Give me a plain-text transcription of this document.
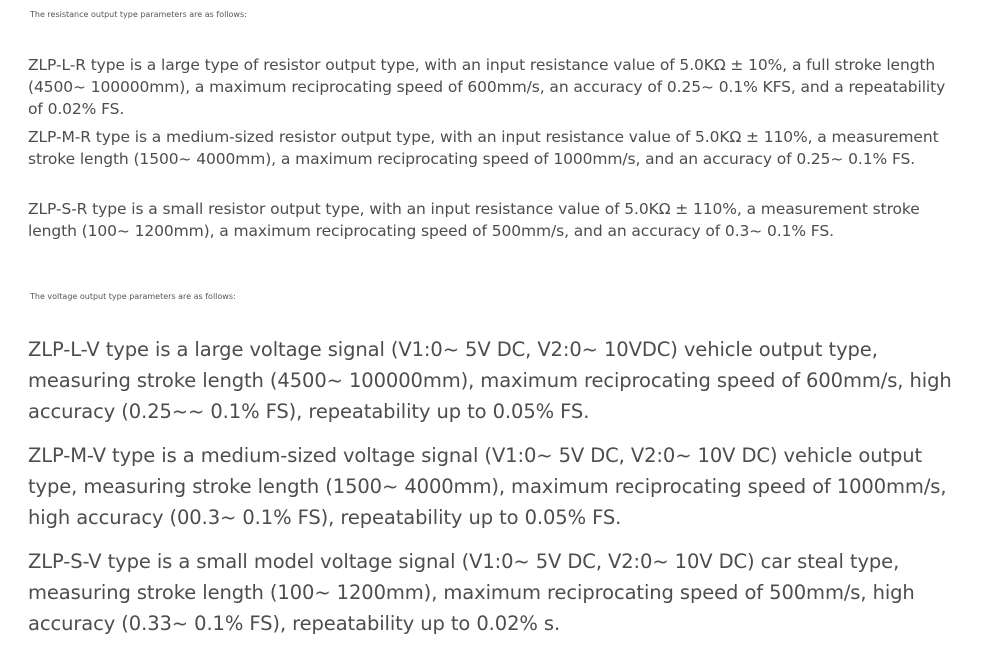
The resistance output type parameters are as follows:

ZLP-L-R type is a large type of resistor output type, with an input resistance value of 5.0KΩ ± 10%, a full stroke length (4500~ 100000mm), a maximum reciprocating speed of 600mm/s, an accuracy of 0.25~ 0.1% KFS, and a repeatability of 0.02% FS.

ZLP-M-R type is a medium-sized resistor output type, with an input resistance value of 5.0KΩ ± 110%, a measurement stroke length (1500~ 4000mm), a maximum reciprocating speed of 1000mm/s, and an accuracy of 0.25~ 0.1% FS.

ZLP-S-R type is a small resistor output type, with an input resistance value of 5.0KΩ ± 110%, a measurement stroke length (100~ 1200mm), a maximum reciprocating speed of 500mm/s, and an accuracy of 0.3~ 0.1% FS.

The voltage output type parameters are as follows:

ZLP-L-V type is a large voltage signal (V1:0~ 5V DC, V2:0~ 10VDC) vehicle output type, measuring stroke length (4500~ 100000mm), maximum reciprocating speed of 600mm/s, high accuracy (0.25~~ 0.1% FS), repeatability up to 0.05% FS.

ZLP-M-V type is a medium-sized voltage signal (V1:0~ 5V DC, V2:0~ 10V DC) vehicle output type, measuring stroke length (1500~ 4000mm), maximum reciprocating speed of 1000mm/s, high accuracy (00.3~ 0.1% FS), repeatability up to 0.05% FS.

ZLP-S-V type is a small model voltage signal (V1:0~ 5V DC, V2:0~ 10V DC) car steal type, measuring stroke length (100~ 1200mm), maximum reciprocating speed of 500mm/s, high accuracy (0.33~ 0.1% FS), repeatability up to 0.02% s.
